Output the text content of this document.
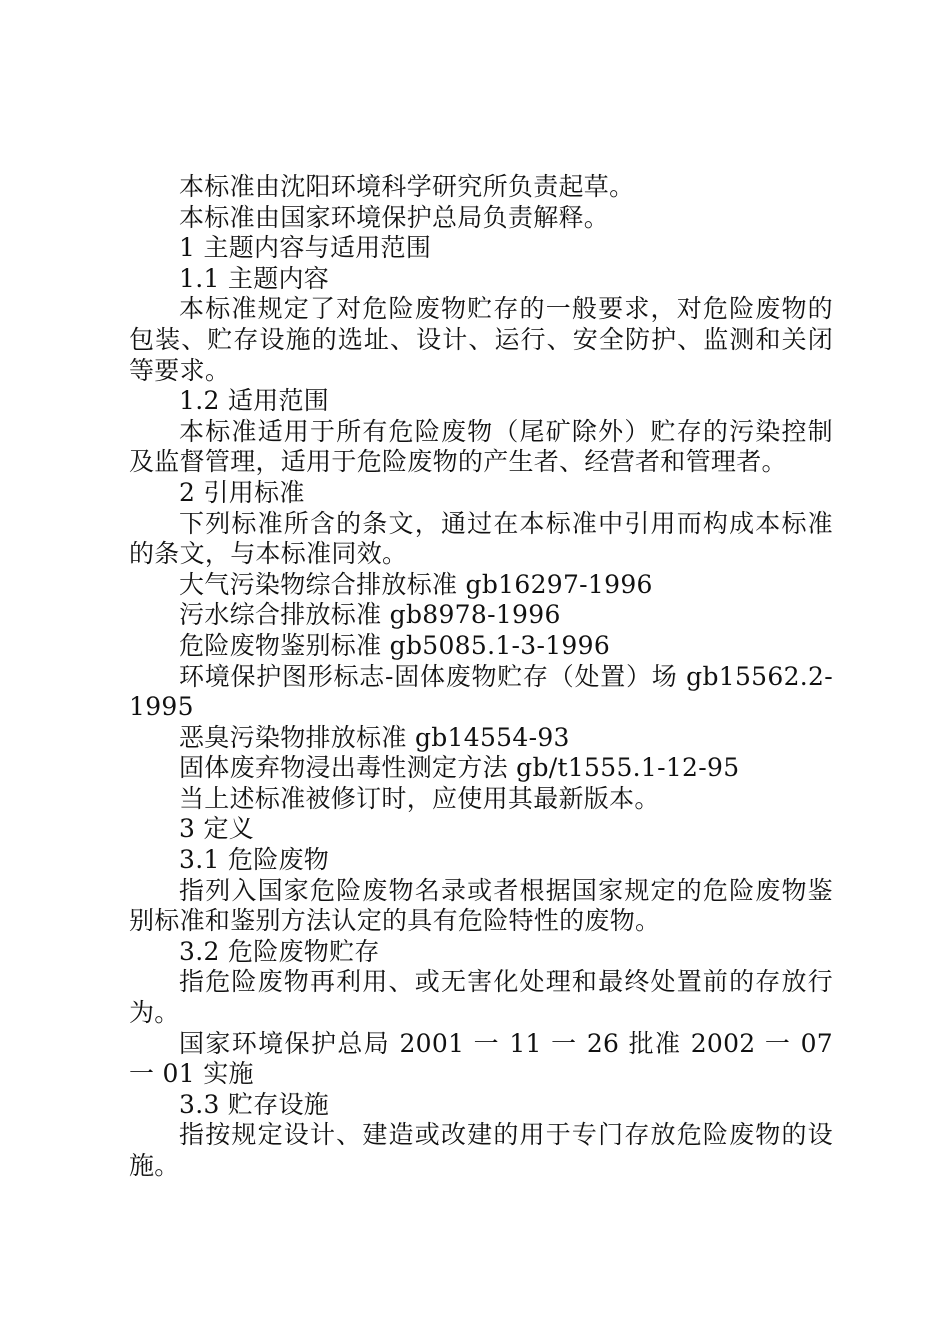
本标准由沈阳环境科学研究所负责起草。

本标准由国家环境保护总局负责解释。

1 主题内容与适用范围

1.1 主题内容

本标准规定了对危险废物贮存的一般要求，对危险废物的包装、贮存设施的选址、设计、运行、安全防护、监测和关闭等要求。

1.2 适用范围

本标准适用于所有危险废物（尾矿除外）贮存的污染控制及监督管理，适用于危险废物的产生者、经营者和管理者。

2 引用标准

下列标准所含的条文，通过在本标准中引用而构成本标准的条文，与本标准同效。

大气污染物综合排放标准 gb16297-1996

污水综合排放标准 gb8978-1996

危险废物鉴别标准 gb5085.1-3-1996

环境保护图形标志-固体废物贮存（处置）场 gb15562.2-1995

恶臭污染物排放标准 gb14554-93

固体废弃物浸出毒性测定方法 gb/t1555.1-12-95

当上述标准被修订时，应使用其最新版本。

3 定义

3.1 危险废物

指列入国家危险废物名录或者根据国家规定的危险废物鉴别标准和鉴别方法认定的具有危险特性的废物。

3.2 危险废物贮存

指危险废物再利用、或无害化处理和最终处置前的存放行为。

国家环境保护总局 2001 一 11 一 26 批准 2002 一 07 一 01 实施

3.3 贮存设施

指按规定设计、建造或改建的用于专门存放危险废物的设施。
